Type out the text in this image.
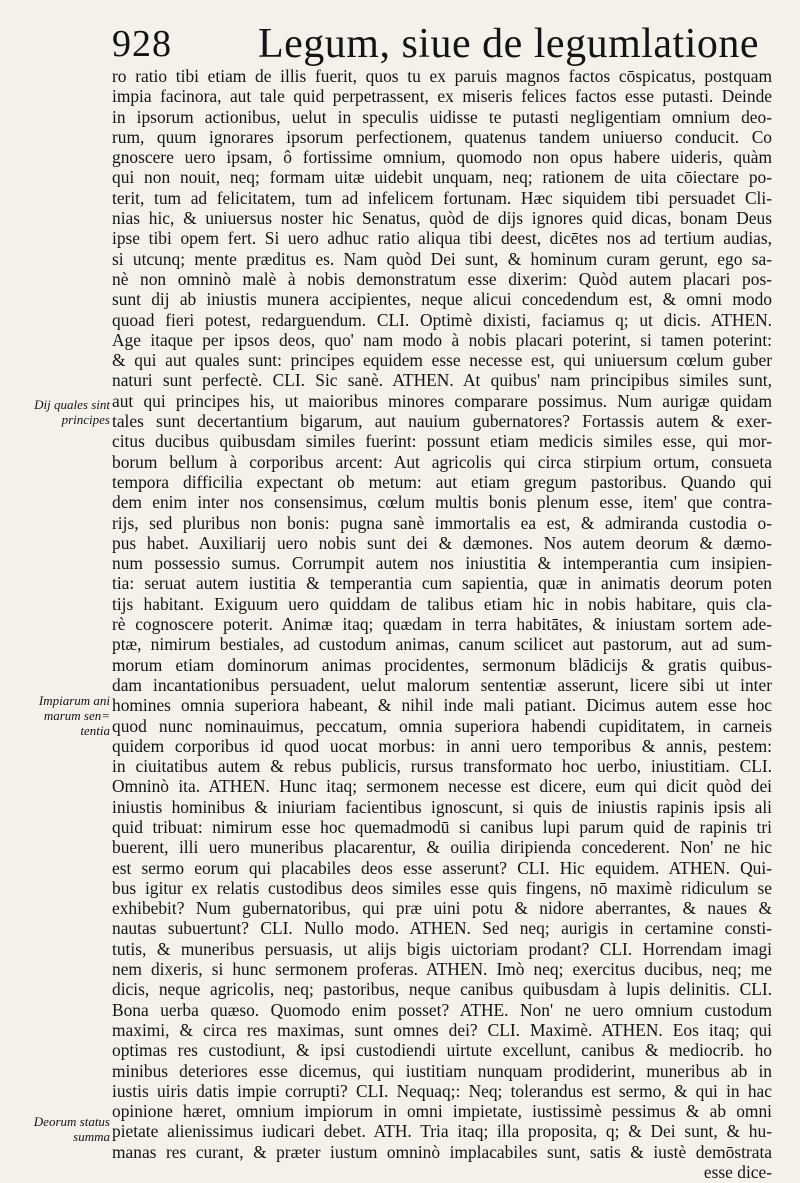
928 Legum, siue de legumlatione
ro ratio tibi etiam de illis fuerit, quos tu ex paruis magnos factos cōspicatus, postquam
impia facinora, aut tale quid perpetrassent, ex miseris felices factos esse putasti. Deinde
in ipsorum actionibus, uelut in speculis uidisse te putasti negligentiam omnium deo-
rum, quum ignorares ipsorum perfectionem, quatenus tandem uniuerso conducit. Co
gnoscere uero ipsam, ô fortissime omnium, quomodo non opus habere uideris, quàm
qui non nouit, neq; formam uitæ uidebit unquam, neq; rationem de uita cōiectare po-
terit, tum ad felicitatem, tum ad infelicem fortunam. Hæc siquidem tibi persuadet Cli-
nias hic, & uniuersus noster hic Senatus, quòd de dijs ignores quid dicas, bonam Deus
ipse tibi opem fert. Si uero adhuc ratio aliqua tibi deest, dicētes nos ad tertium audias,
si utcunq; mente præditus es. Nam quòd Dei sunt, & hominum curam gerunt, ego sa-
nè non omninò malè à nobis demonstratum esse dixerim: Quòd autem placari pos-
sunt dij ab iniustis munera accipientes, neque alicui concedendum est, & omni modo
quoad fieri potest, redarguendum. CLI. Optimè dixisti, faciamus q; ut dicis. ATHEN.
Age itaque per ipsos deos, quo' nam modo à nobis placari poterint, si tamen poterint:
& qui aut quales sunt: principes equidem esse necesse est, qui uniuersum cœlum guber
naturi sunt perfectè. CLI. Sic sanè. ATHEN. At quibus' nam principibus similes sunt,
aut qui principes his, ut maioribus minores comparare possimus. Num aurigæ quidam
tales sunt decertantium bigarum, aut nauium gubernatores? Fortassis autem & exer-
citus ducibus quibusdam similes fuerint: possunt etiam medicis similes esse, qui mor-
borum bellum à corporibus arcent: Aut agricolis qui circa stirpium ortum, consueta
tempora difficilia expectant ob metum: aut etiam gregum pastoribus. Quando qui
dem enim inter nos consensimus, cœlum multis bonis plenum esse, item' que contra-
rijs, sed pluribus non bonis: pugna sanè immortalis ea est, & admiranda custodia o-
pus habet. Auxiliarij uero nobis sunt dei & dæmones. Nos autem deorum & dæmo-
num possessio sumus. Corrumpit autem nos iniustitia & intemperantia cum insipien-
tia: seruat autem iustitia & temperantia cum sapientia, quæ in animatis deorum poten
tijs habitant. Exiguum uero quiddam de talibus etiam hic in nobis habitare, quis cla-
rè cognoscere poterit. Animæ itaq; quædam in terra habitātes, & iniustam sortem ade-
ptæ, nimirum bestiales, ad custodum animas, canum scilicet aut pastorum, aut ad sum-
morum etiam dominorum animas procidentes, sermonum blādicijs & gratis quibus-
dam incantationibus persuadent, uelut malorum sententiæ asserunt, licere sibi ut inter
homines omnia superiora habeant, & nihil inde mali patiant. Dicimus autem esse hoc
quod nunc nominauimus, peccatum, omnia superiora habendi cupiditatem, in carneis
quidem corporibus id quod uocat morbus: in anni uero temporibus & annis, pestem:
in ciuitatibus autem & rebus publicis, rursus transformato hoc uerbo, iniustitiam. CLI.
Omninò ita. ATHEN. Hunc itaq; sermonem necesse est dicere, eum qui dicit quòd dei
iniustis hominibus & iniuriam facientibus ignoscunt, si quis de iniustis rapinis ipsis ali
quid tribuat: nimirum esse hoc quemadmodū si canibus lupi parum quid de rapinis tri
buerent, illi uero muneribus placarentur, & ouilia diripienda concederent. Non' ne hic
est sermo eorum qui placabiles deos esse asserunt? CLI. Hic equidem. ATHEN. Qui-
bus igitur ex relatis custodibus deos similes esse quis fingens, nō maximè ridiculum se
exhibebit? Num gubernatoribus, qui præ uini potu & nidore aberrantes, & naues &
nautas subuertunt? CLI. Nullo modo. ATHEN. Sed neq; aurigis in certamine consti-
tutis, & muneribus persuasis, ut alijs bigis uictoriam prodant? CLI. Horrendam imagi
nem dixeris, si hunc sermonem proferas. ATHEN. Imò neq; exercitus ducibus, neq; me
dicis, neque agricolis, neq; pastoribus, neque canibus quibusdam à lupis delinitis. CLI.
Bona uerba quæso. Quomodo enim posset? ATHE. Non' ne uero omnium custodum
maximi, & circa res maximas, sunt omnes dei? CLI. Maximè. ATHEN. Eos itaq; qui
optimas res custodiunt, & ipsi custodiendi uirtute excellunt, canibus & mediocrib. ho
minibus deteriores esse dicemus, qui iustitiam nunquam prodiderint, muneribus ab in
iustis uiris datis impie corrupti? CLI. Nequaq;: Neq; tolerandus est sermo, & qui in hac
opinione hæret, omnium impiorum in omni impietate, iustissimè pessimus & ab omni
pietate alienissimus iudicari debet. ATH. Tria itaq; illa proposita, q; & Dei sunt, & hu-
manas res curant, & præter iustum omninò implacabiles sunt, satis & iustè demōstrata
esse dice-
Dij quales sint
principes
Impiarum ani
marum sen=
tentia
Deorum status
summa
